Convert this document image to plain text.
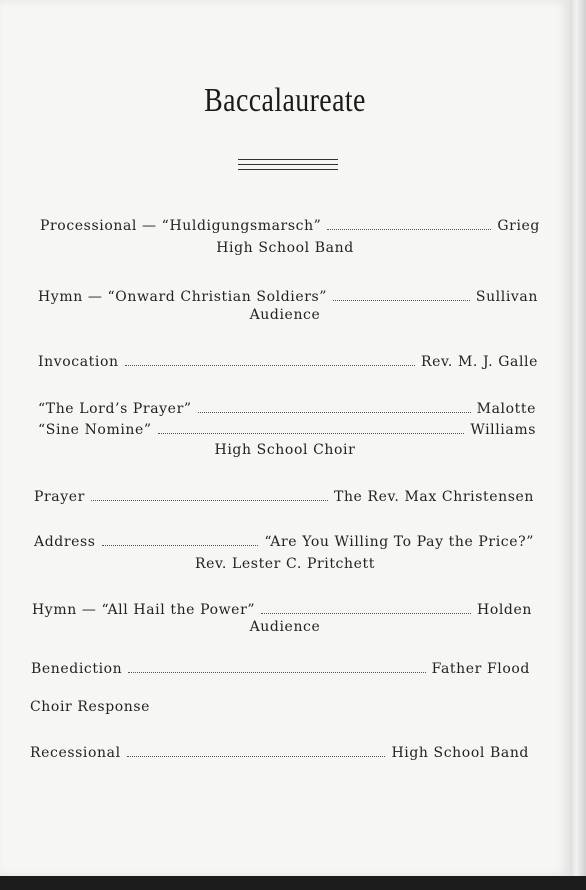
Baccalaureate
Processional — “Huldigungsmarsch”	Grieg
High School Band
Hymn — “Onward Christian Soldiers”	Sullivan
Audience
Invocation	Rev. M. J. Galle
“The Lord’s Prayer”	Malotte
“Sine Nomine”	Williams
High School Choir
Prayer	The Rev. Max Christensen
Address	“Are You Willing To Pay the Price?”
Rev. Lester C. Pritchett
Hymn — “All Hail the Power”	Holden
Audience
Benediction	Father Flood
Choir Response
Recessional	High School Band
